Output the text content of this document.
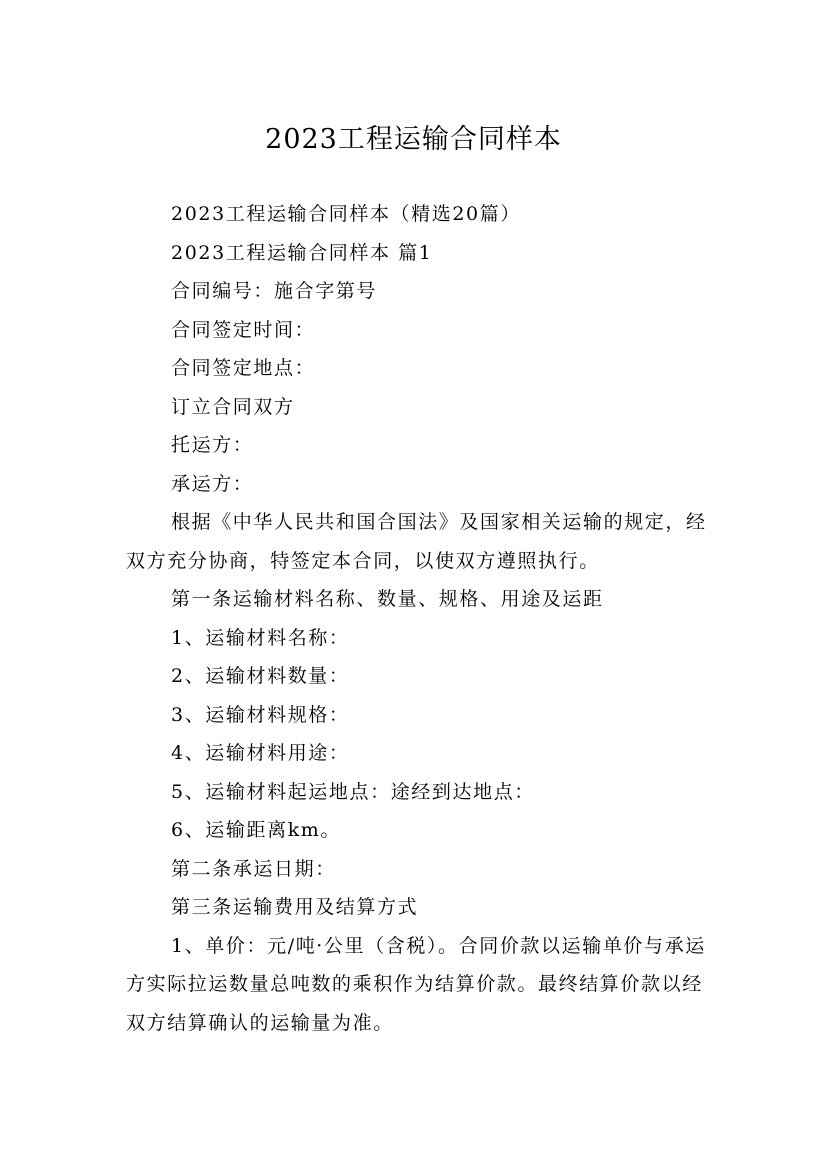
2023工程运输合同样本

2023工程运输合同样本（精选20篇）

2023工程运输合同样本 篇1

合同编号：施合字第号

合同签定时间：

合同签定地点：

订立合同双方

托运方：

承运方：

根据《中华人民共和国合国法》及国家相关运输的规定，经双方充分协商，特签定本合同，以使双方遵照执行。

第一条运输材料名称、数量、规格、用途及运距

1、运输材料名称：

2、运输材料数量：

3、运输材料规格：

4、运输材料用途：

5、运输材料起运地点：途经到达地点：

6、运输距离km。

第二条承运日期：

第三条运输费用及结算方式

1、单价：元/吨·公里（含税）。合同价款以运输单价与承运方实际拉运数量总吨数的乘积作为结算价款。最终结算价款以经双方结算确认的运输量为准。
